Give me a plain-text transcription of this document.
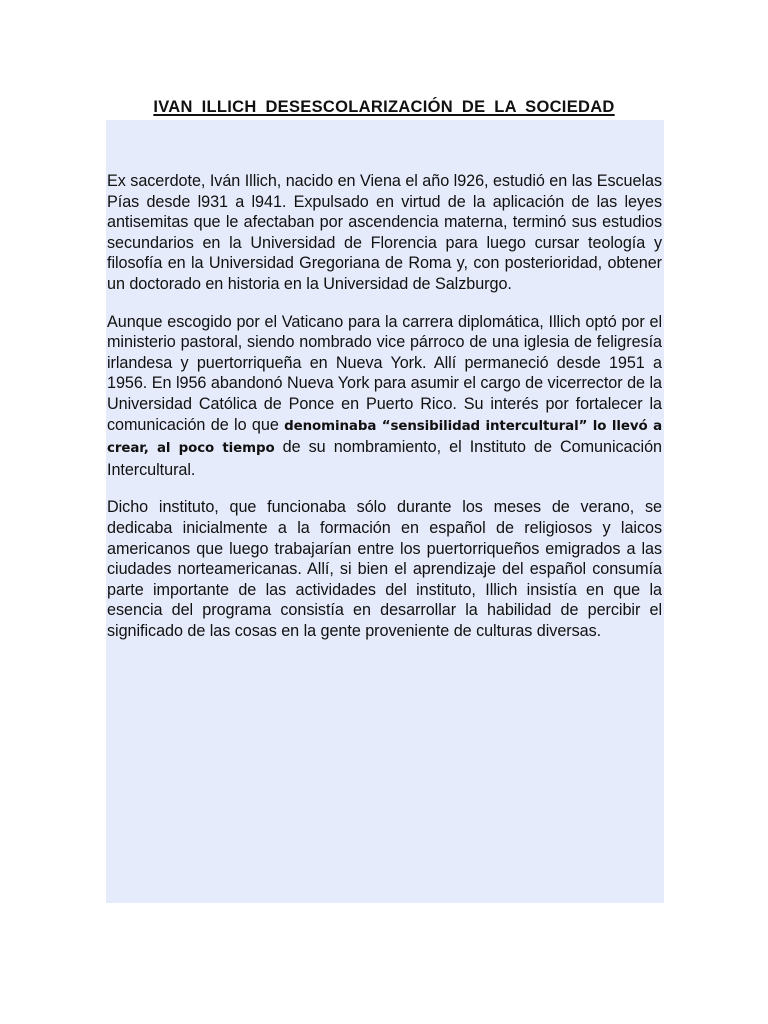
IVAN ILLICH DESESCOLARIZACIÓN DE LA SOCIEDAD

Ex sacerdote, Iván Illich, nacido en Viena el año l926, estudió en las Escuelas Pías desde l931 a l941. Expulsado en virtud de la aplicación de las leyes antisemitas que le afectaban por ascendencia materna, terminó sus estudios secundarios en la Universidad de Florencia para luego cursar teología y filosofía en la Universidad Gregoriana de Roma y, con posterioridad, obtener un doctorado en historia en la Universidad de Salzburgo.

Aunque escogido por el Vaticano para la carrera diplomática, Illich optó por el ministerio pastoral, siendo nombrado vice párroco de una iglesia de feligresía irlandesa y puertorriqueña en Nueva York. Allí permaneció desde 1951 a 1956. En l956 abandonó Nueva York para asumir el cargo de vicerrector de la Universidad Católica de Ponce en Puerto Rico. Su interés por fortalecer la comunicación de lo que denominaba “sensibilidad intercultural” lo llevó a crear, al poco tiempo de su nombramiento, el Instituto de Comunicación Intercultural.

Dicho instituto, que funcionaba sólo durante los meses de verano, se dedicaba inicialmente a la formación en español de religiosos y laicos americanos que luego trabajarían entre los puertorriqueños emigrados a las ciudades norteamericanas. Allí, si bien el aprendizaje del español consumía parte importante de las actividades del instituto, Illich insistía en que la esencia del programa consistía en desarrollar la habilidad de percibir el significado de las cosas en la gente proveniente de culturas diversas.
